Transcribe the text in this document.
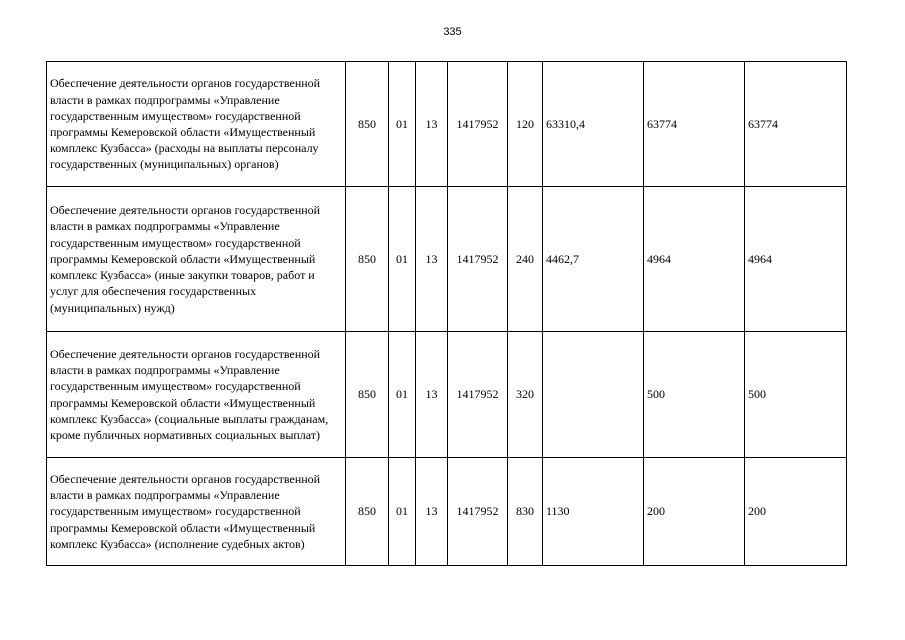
335
Обеспечение деятельности органов государственной власти в рамках подпрограммы «Управление государственным имуществом» государственной программы Кемеровской области «Имущественный комплекс Кузбасса» (расходы на выплаты персоналу государственных (муниципальных) органов)	850	01	13	1417952	120	63310,4	63774	63774
Обеспечение деятельности органов государственной власти в рамках подпрограммы «Управление государственным имуществом» государственной программы Кемеровской области «Имущественный комплекс Кузбасса» (иные закупки товаров, работ и услуг для обеспечения государственных (муниципальных) нужд)	850	01	13	1417952	240	4462,7	4964	4964
Обеспечение деятельности органов государственной власти в рамках подпрограммы «Управление государственным имуществом» государственной программы Кемеровской области «Имущественный комплекс Кузбасса» (социальные выплаты гражданам, кроме публичных нормативных социальных выплат)	850	01	13	1417952	320		500	500
Обеспечение деятельности органов государственной власти в рамках подпрограммы «Управление государственным имуществом» государственной программы Кемеровской области «Имущественный комплекс Кузбасса» (исполнение судебных актов)	850	01	13	1417952	830	1130	200	200
